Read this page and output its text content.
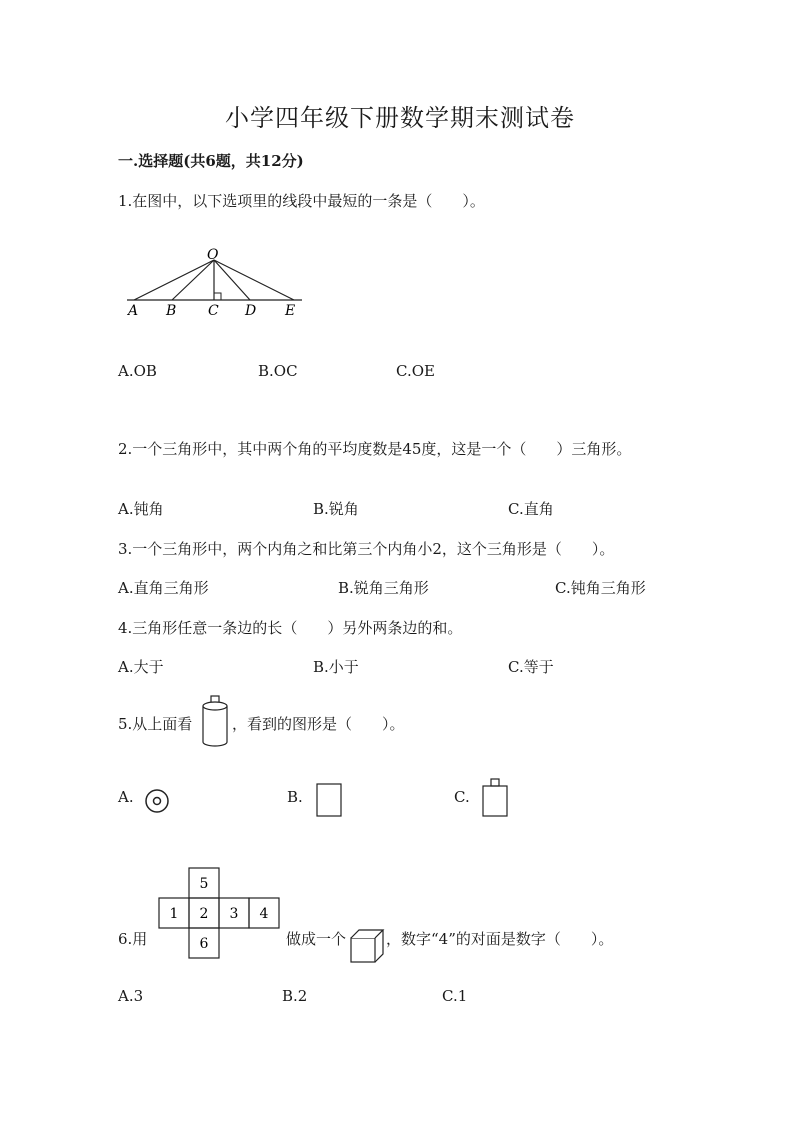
小学四年级下册数学期末测试卷
一.选择题(共6题，共12分)
1.在图中，以下选项里的线段中最短的一条是（　　）。
O
A B C D E
A.OB	B.OC	C.OE
2.一个三角形中，其中两个角的平均度数是45度，这是一个（　　）三角形。
A.钝角	B.锐角	C.直角
3.一个三角形中，两个内角之和比第三个内角小2，这个三角形是（　　）。
A.直角三角形	B.锐角三角形	C.钝角三角形
4.三角形任意一条边的长（　　）另外两条边的和。
A.大于	B.小于	C.等于
5.从上面看	，看到的图形是（　　）。
A.	B.	C.
5
1 2 3 4
6
6.用	做成一个	，数字“4”的对面是数字（　　）。
A.3	B.2	C.1
